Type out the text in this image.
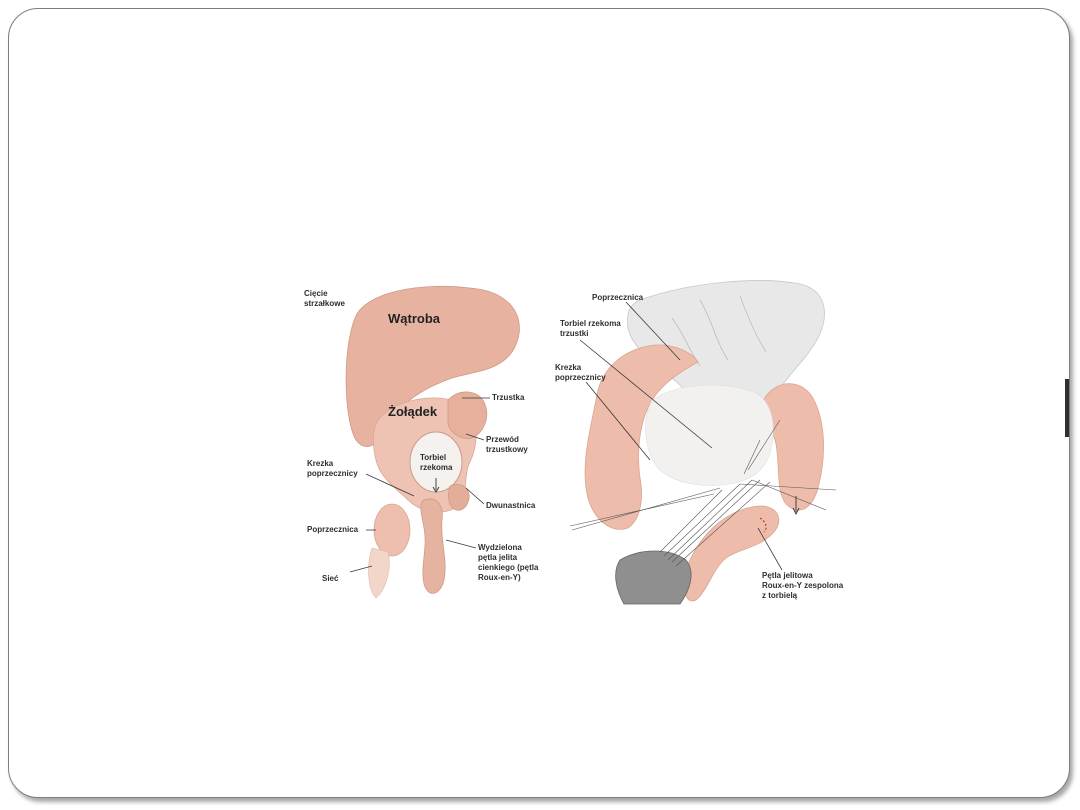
Cięcie
strzałkowe
Wątroba
Żołądek
Trzustka
Przewód
trzustkowy
Torbiel
rzekoma
Krezka
poprzecznicy
Dwunastnica
Poprzecznica
Wydzielona
pętla jelita
cienkiego (pętla
Roux-en-Y)
Sieć
Poprzecznica
Torbiel rzekoma
trzustki
Krezka
poprzecznicy
Pętla jelitowa
Roux-en-Y zespolona
z torbielą
